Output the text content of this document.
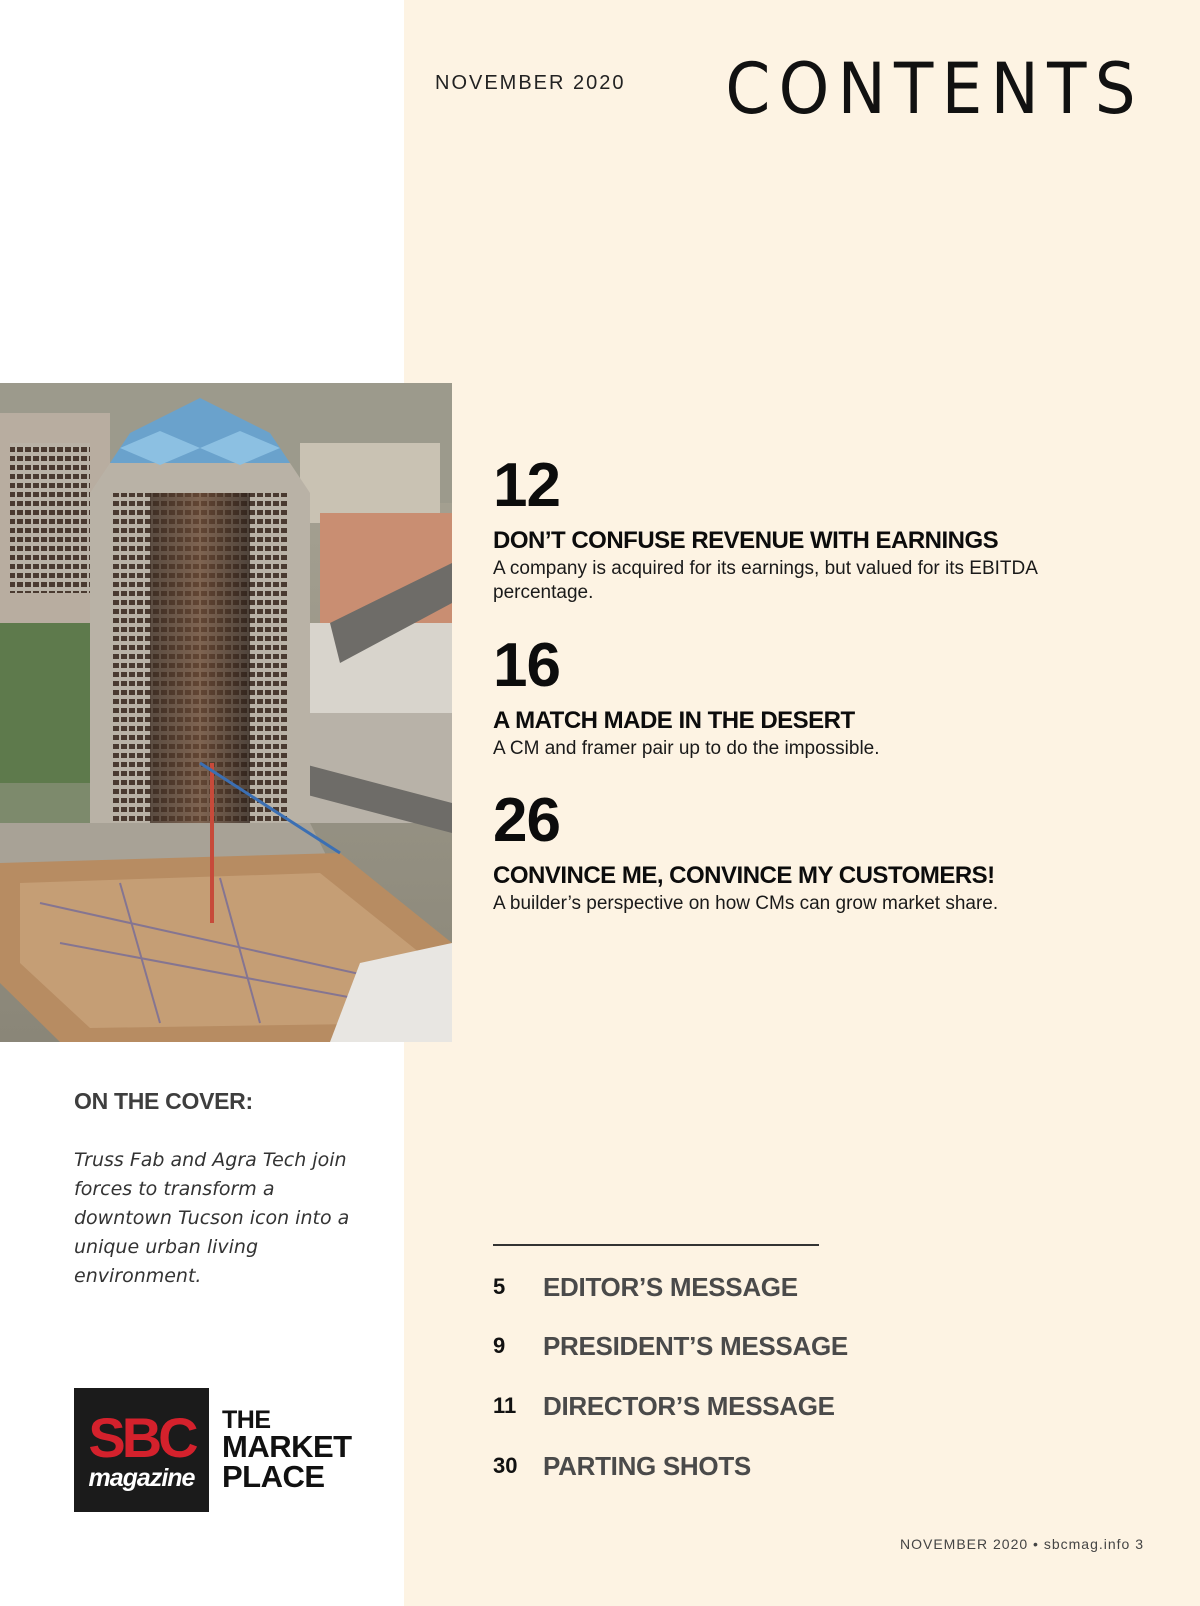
NOVEMBER 2020 CONTENTS
12
DON’T CONFUSE REVENUE WITH EARNINGS
A company is acquired for its earnings, but valued for its EBITDA percentage.
16
A MATCH MADE IN THE DESERT
A CM and framer pair up to do the impossible.
26
CONVINCE ME, CONVINCE MY CUSTOMERS!
A builder’s perspective on how CMs can grow market share.
5	EDITOR’S MESSAGE
9	PRESIDENT’S MESSAGE
11	DIRECTOR’S MESSAGE
30 PARTING SHOTS
ON THE COVER:
Truss Fab and Agra Tech join forces to transform a downtown Tucson icon into a unique urban living environment.
SBC
magazine
THE
MARKET
PLACE
NOVEMBER 2020 • sbcmag.info 3
